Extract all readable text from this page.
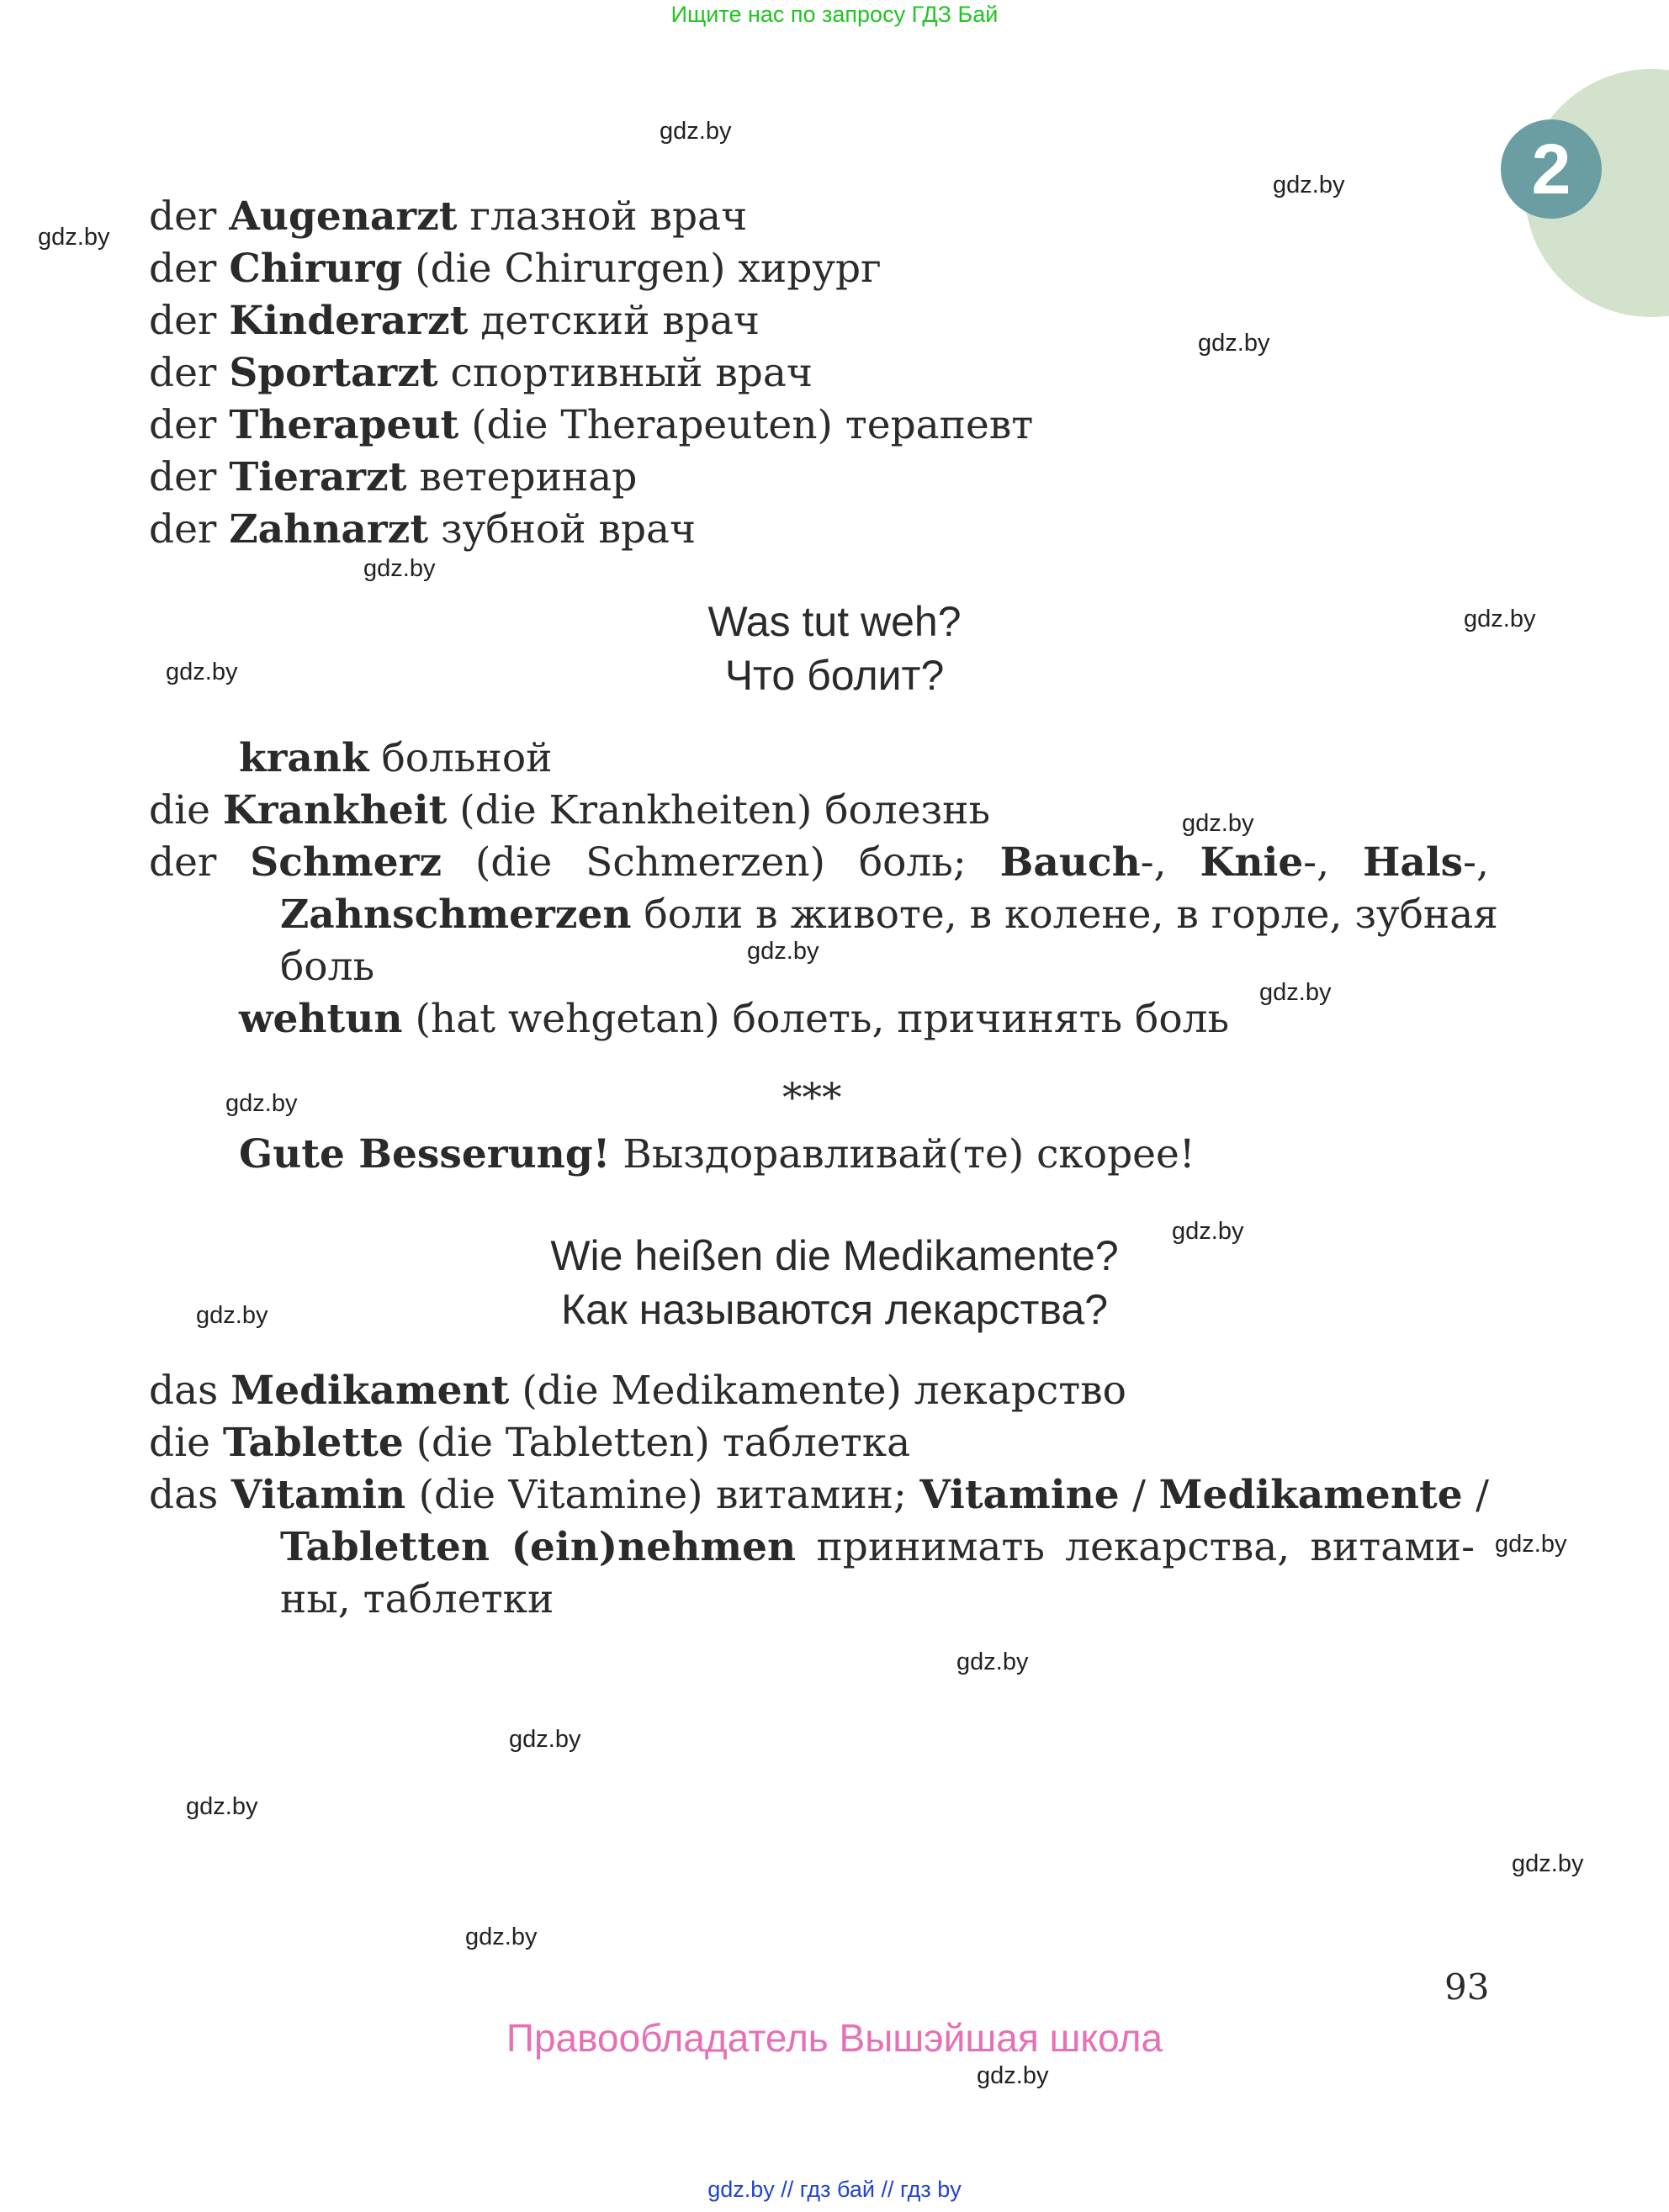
Ищите нас по запросу ГДЗ Бай
2
gdz.by
gdz.by
gdz.by
gdz.by
gdz.by
gdz.by
gdz.by
gdz.by
gdz.by
gdz.by
gdz.by
gdz.by
gdz.by
gdz.by
gdz.by
gdz.by
gdz.by
gdz.by
gdz.by
gdz.by
der Augenarzt глазной врач
der Chirurg (die Chirurgen) хирург
der Kinderarzt детский врач
der Sportarzt спортивный врач
der Therapeut (die Therapeuten) терапевт
der Tierarzt ветеринар
der Zahnarzt зубной врач
Was tut weh?
Что болит?
krank больной
die Krankheit (die Krankheiten) болезнь
der Schmerz (die Schmerzen) боль; Bauch-, Knie-, Hals-,
Zahnschmerzen боли в животе, в колене, в горле, зубная
боль
wehtun (hat wehgetan) болеть, причинять боль
***
Gute Besserung! Выздоравливай(те) скорее!
Wie heißen die Medikamente?
Как называются лекарства?
das Medikament (die Medikamente) лекарство
die Tablette (die Tabletten) таблетка
das Vitamin (die Vitamine) витамин; Vitamine / Medikamente /
Tabletten (ein)nehmen принимать лекарства, витами-
ны, таблетки
93
Правообладатель Вышэйшая школа
gdz.by // гдз бай // гдз by
